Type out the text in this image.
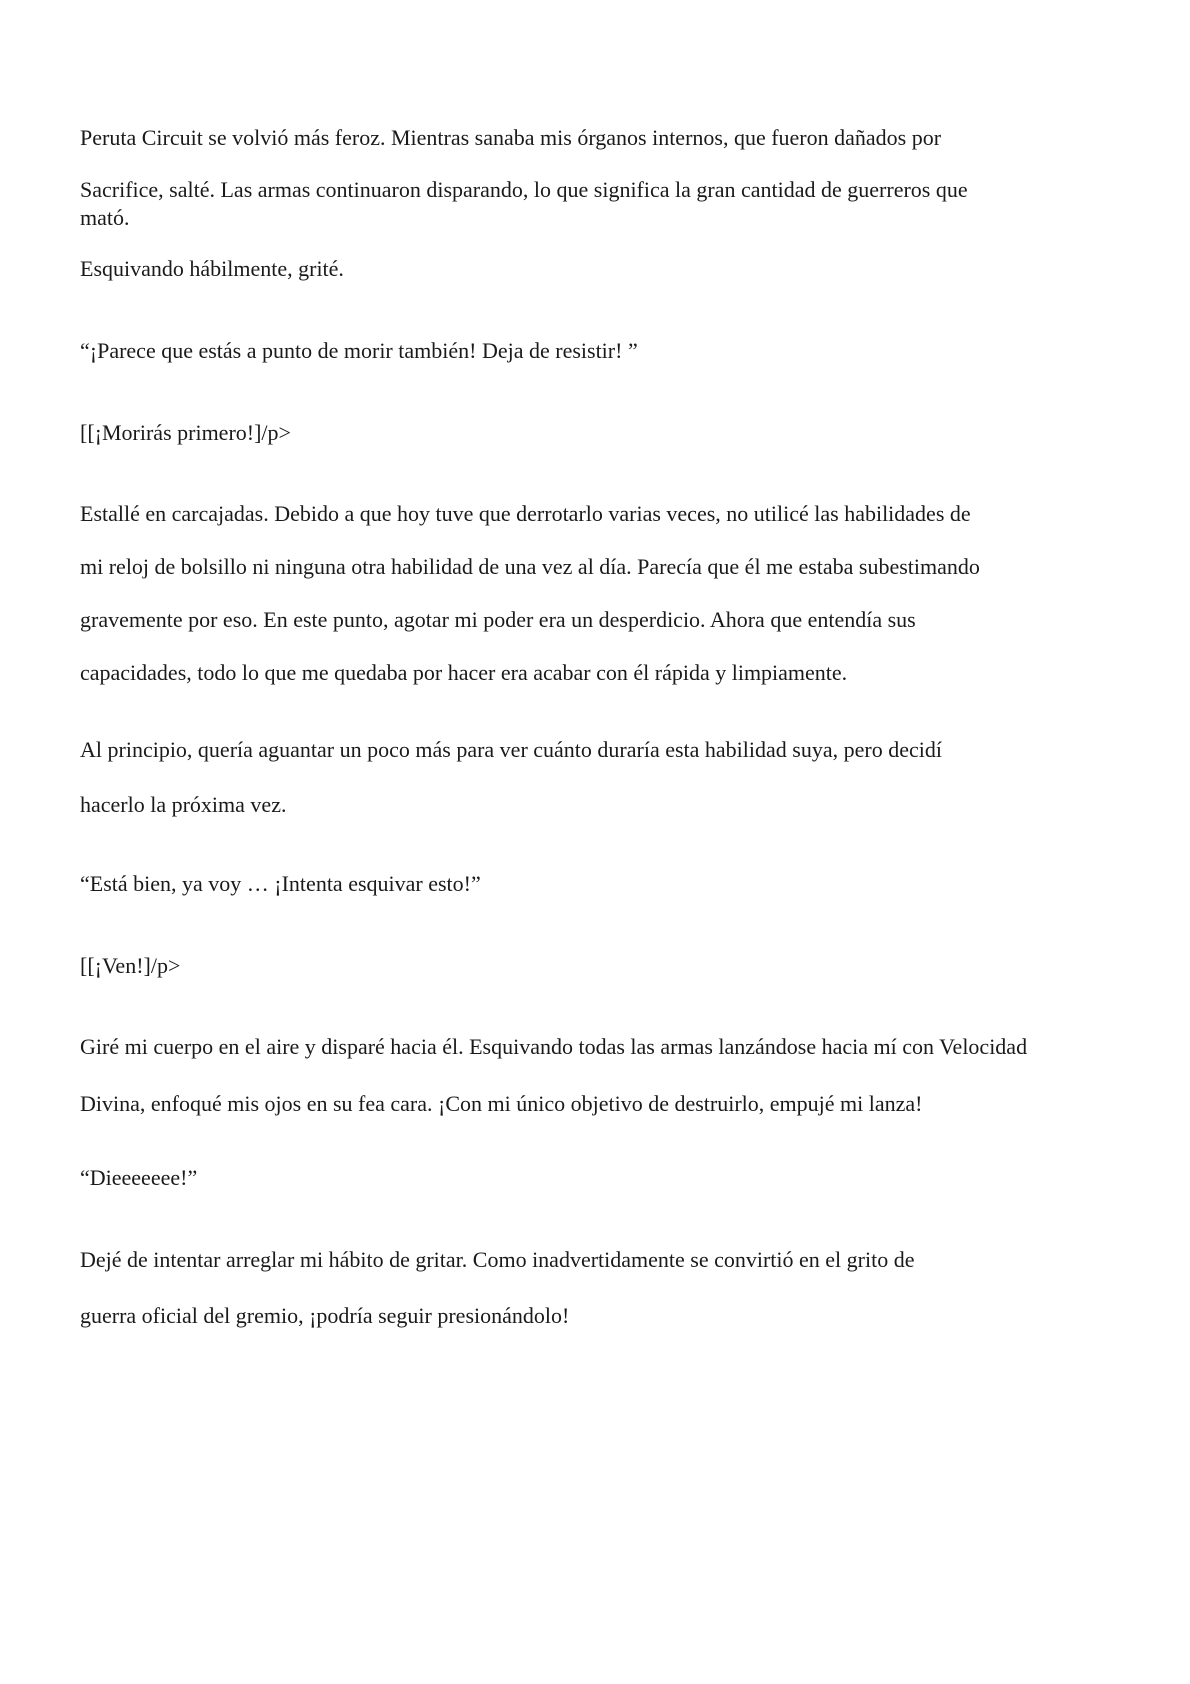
Peruta Circuit se volvió más feroz. Mientras sanaba mis órganos internos, que fueron dañados por

Sacrifice, salté. Las armas continuaron disparando, lo que significa la gran cantidad de guerreros que

mató.

Esquivando hábilmente, grité.

“¡Parece que estás a punto de morir también! Deja de resistir! ”

[[¡Morirás primero!]/p>

Estallé en carcajadas. Debido a que hoy tuve que derrotarlo varias veces, no utilicé las habilidades de

mi reloj de bolsillo ni ninguna otra habilidad de una vez al día. Parecía que él me estaba subestimando

gravemente por eso. En este punto, agotar mi poder era un desperdicio. Ahora que entendía sus

capacidades, todo lo que me quedaba por hacer era acabar con él rápida y limpiamente.

Al principio, quería aguantar un poco más para ver cuánto duraría esta habilidad suya, pero decidí

hacerlo la próxima vez.

“Está bien, ya voy … ¡Intenta esquivar esto!”

[[¡Ven!]/p>

Giré mi cuerpo en el aire y disparé hacia él. Esquivando todas las armas lanzándose hacia mí con Velocidad

Divina, enfoqué mis ojos en su fea cara. ¡Con mi único objetivo de destruirlo, empujé mi lanza!

“Dieeeeeee!”

Dejé de intentar arreglar mi hábito de gritar. Como inadvertidamente se convirtió en el grito de

guerra oficial del gremio, ¡podría seguir presionándolo!
